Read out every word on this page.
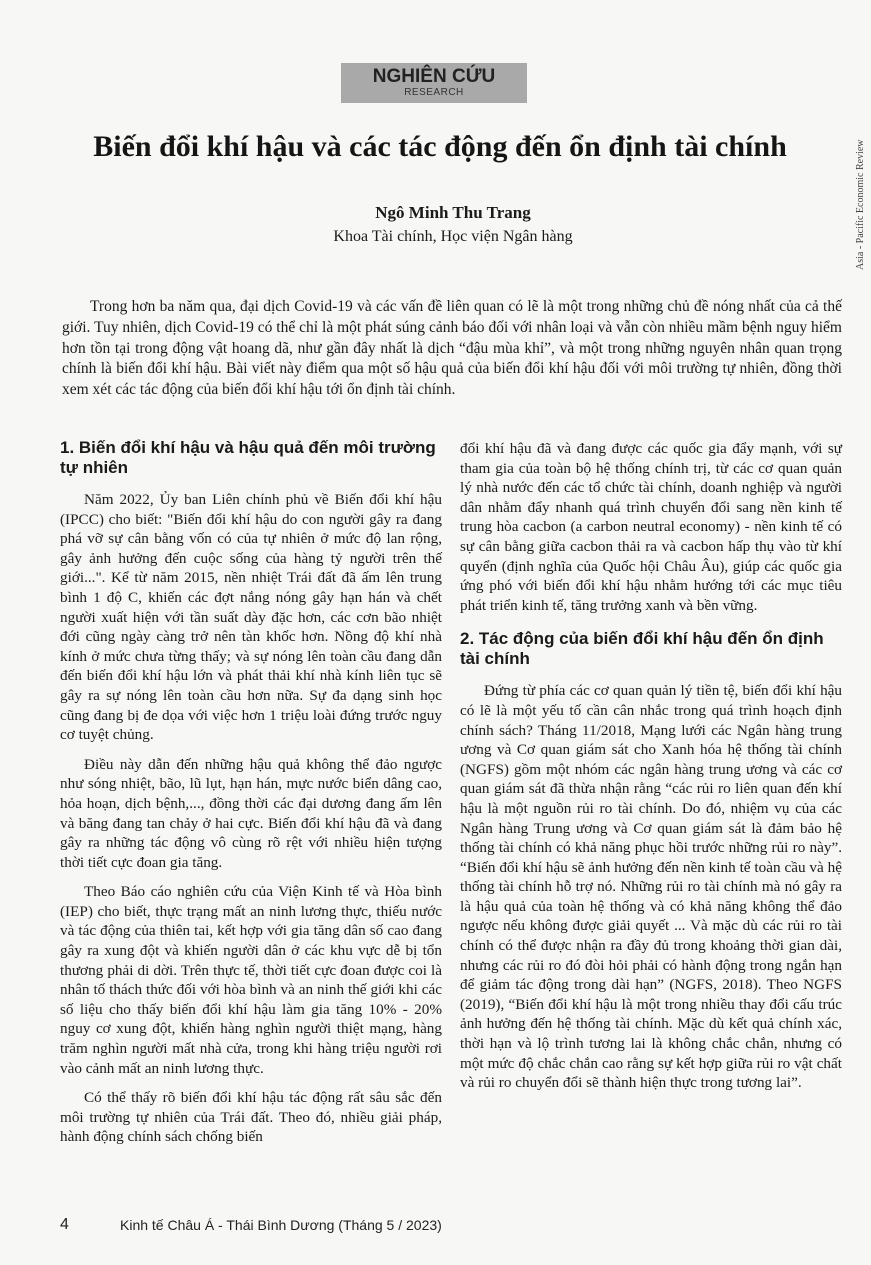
NGHIÊN CỨU
RESEARCH
Asia - Pacific Economic Review
Biến đổi khí hậu và các tác động đến ổn định tài chính
Ngô Minh Thu Trang
Khoa Tài chính, Học viện Ngân hàng

Trong hơn ba năm qua, đại dịch Covid-19 và các vấn đề liên quan có lẽ là một trong những chủ đề nóng nhất của cả thế giới. Tuy nhiên, dịch Covid-19 có thể chỉ là một phát súng cảnh báo đối với nhân loại và vẫn còn nhiều mầm bệnh nguy hiểm hơn tồn tại trong động vật hoang dã, như gần đây nhất là dịch “đậu mùa khỉ”, và một trong những nguyên nhân quan trọng chính là biến đổi khí hậu. Bài viết này điểm qua một số hậu quả của biến đổi khí hậu đối với môi trường tự nhiên, đồng thời xem xét các tác động của biến đổi khí hậu tới ổn định tài chính.

1. Biến đổi khí hậu và hậu quả đến môi trường tự nhiên

Năm 2022, Ủy ban Liên chính phủ về Biến đổi khí hậu (IPCC) cho biết: "Biến đổi khí hậu do con người gây ra đang phá vỡ sự cân bằng vốn có của tự nhiên ở mức độ lan rộng, gây ảnh hưởng đến cuộc sống của hàng tỷ người trên thế giới...". Kể từ năm 2015, nền nhiệt Trái đất đã ấm lên trung bình 1 độ C, khiến các đợt nắng nóng gây hạn hán và chết người xuất hiện với tần suất dày đặc hơn, các cơn bão nhiệt đới cũng ngày càng trở nên tàn khốc hơn. Nồng độ khí nhà kính ở mức chưa từng thấy; và sự nóng lên toàn cầu đang dẫn đến biến đổi khí hậu lớn và phát thải khí nhà kính liên tục sẽ gây ra sự nóng lên toàn cầu hơn nữa. Sự đa dạng sinh học cũng đang bị đe dọa với việc hơn 1 triệu loài đứng trước nguy cơ tuyệt chủng.

Điều này dẫn đến những hậu quả không thể đảo ngược như sóng nhiệt, bão, lũ lụt, hạn hán, mực nước biển dâng cao, hỏa hoạn, dịch bệnh,..., đồng thời các đại dương đang ấm lên và băng đang tan chảy ở hai cực. Biến đổi khí hậu đã và đang gây ra những tác động vô cùng rõ rệt với nhiều hiện tượng thời tiết cực đoan gia tăng.

Theo Báo cáo nghiên cứu của Viện Kinh tế và Hòa bình (IEP) cho biết, thực trạng mất an ninh lương thực, thiếu nước và tác động của thiên tai, kết hợp với gia tăng dân số cao đang gây ra xung đột và khiến người dân ở các khu vực dễ bị tổn thương phải di dời. Trên thực tế, thời tiết cực đoan được coi là nhân tố thách thức đối với hòa bình và an ninh thế giới khi các số liệu cho thấy biến đổi khí hậu làm gia tăng 10% - 20% nguy cơ xung đột, khiến hàng nghìn người thiệt mạng, hàng trăm nghìn người mất nhà cửa, trong khi hàng triệu người rơi vào cảnh mất an ninh lương thực.

Có thể thấy rõ biến đổi khí hậu tác động rất sâu sắc đến môi trường tự nhiên của Trái đất. Theo đó, nhiều giải pháp, hành động chính sách chống biến

đổi khí hậu đã và đang được các quốc gia đẩy mạnh, với sự tham gia của toàn bộ hệ thống chính trị, từ các cơ quan quản lý nhà nước đến các tổ chức tài chính, doanh nghiệp và người dân nhằm đẩy nhanh quá trình chuyển đổi sang nền kinh tế trung hòa cacbon (a carbon neutral economy) - nền kinh tế có sự cân bằng giữa cacbon thải ra và cacbon hấp thụ vào từ khí quyển (định nghĩa của Quốc hội Châu Âu), giúp các quốc gia ứng phó với biến đổi khí hậu nhằm hướng tới các mục tiêu phát triển kinh tế, tăng trưởng xanh và bền vững.

2. Tác động của biến đổi khí hậu đến ổn định tài chính

Đứng từ phía các cơ quan quản lý tiền tệ, biến đổi khí hậu có lẽ là một yếu tố cần cân nhắc trong quá trình hoạch định chính sách? Tháng 11/2018, Mạng lưới các Ngân hàng trung ương và Cơ quan giám sát cho Xanh hóa hệ thống tài chính (NGFS) gồm một nhóm các ngân hàng trung ương và các cơ quan giám sát đã thừa nhận rằng “các rủi ro liên quan đến khí hậu là một nguồn rủi ro tài chính. Do đó, nhiệm vụ của các Ngân hàng Trung ương và Cơ quan giám sát là đảm bảo hệ thống tài chính có khả năng phục hồi trước những rủi ro này”. “Biến đổi khí hậu sẽ ảnh hưởng đến nền kinh tế toàn cầu và hệ thống tài chính hỗ trợ nó. Những rủi ro tài chính mà nó gây ra là hậu quả của toàn hệ thống và có khả năng không thể đảo ngược nếu không được giải quyết ... Và mặc dù các rủi ro tài chính có thể được nhận ra đầy đủ trong khoảng thời gian dài, nhưng các rủi ro đó đòi hỏi phải có hành động trong ngắn hạn để giảm tác động trong dài hạn” (NGFS, 2018). Theo NGFS (2019), “Biến đổi khí hậu là một trong nhiều thay đổi cấu trúc ảnh hưởng đến hệ thống tài chính. Mặc dù kết quả chính xác, thời hạn và lộ trình tương lai là không chắc chắn, nhưng có một mức độ chắc chắn cao rằng sự kết hợp giữa rủi ro vật chất và rủi ro chuyển đổi sẽ thành hiện thực trong tương lai”.

4	Kinh tế Châu Á - Thái Bình Dương (Tháng 5 / 2023)
